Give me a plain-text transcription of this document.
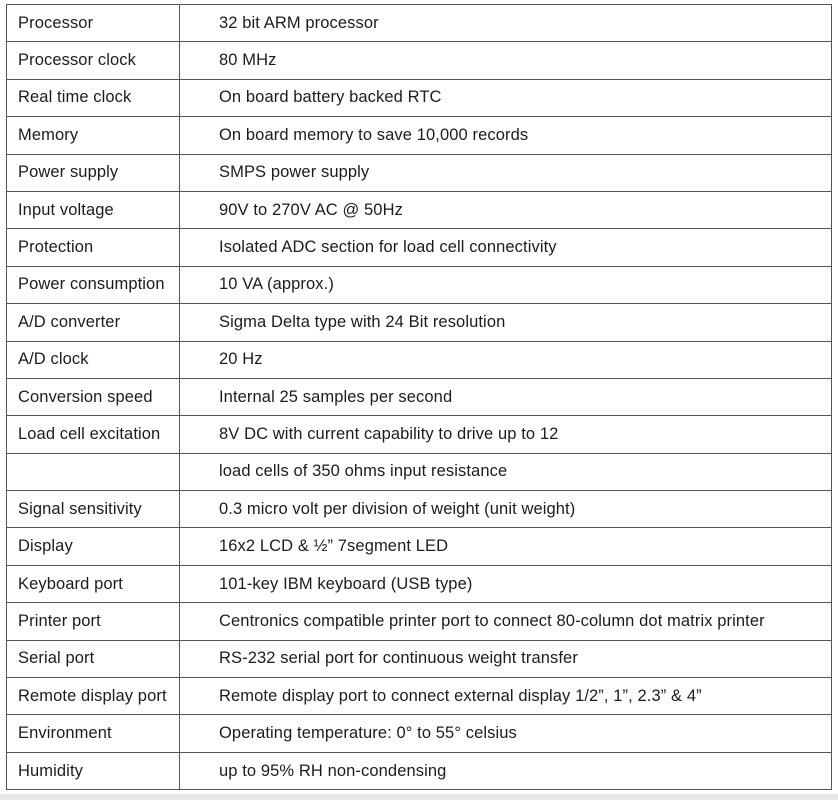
Processor	32 bit ARM processor
Processor clock	80 MHz
Real time clock	On board battery backed RTC
Memory	On board memory to save 10,000 records
Power supply	SMPS power supply
Input voltage	90V to 270V AC @ 50Hz
Protection	Isolated ADC section for load cell connectivity
Power consumption	10 VA (approx.)
A/D converter	Sigma Delta type with 24 Bit resolution
A/D clock	20 Hz
Conversion speed	Internal 25 samples per second
Load cell excitation	8V DC with current capability to drive up to 12
	load cells of 350 ohms input resistance
Signal sensitivity	0.3 micro volt per division of weight (unit weight)
Display	16x2 LCD & ½” 7segment LED
Keyboard port	101-key IBM keyboard (USB type)
Printer port	Centronics compatible printer port to connect 80-column dot matrix printer
Serial port	RS-232 serial port for continuous weight transfer
Remote display port	Remote display port to connect external display 1/2”, 1”, 2.3” & 4”
Environment	Operating temperature: 0° to 55° celsius
Humidity	up to 95% RH non-condensing
